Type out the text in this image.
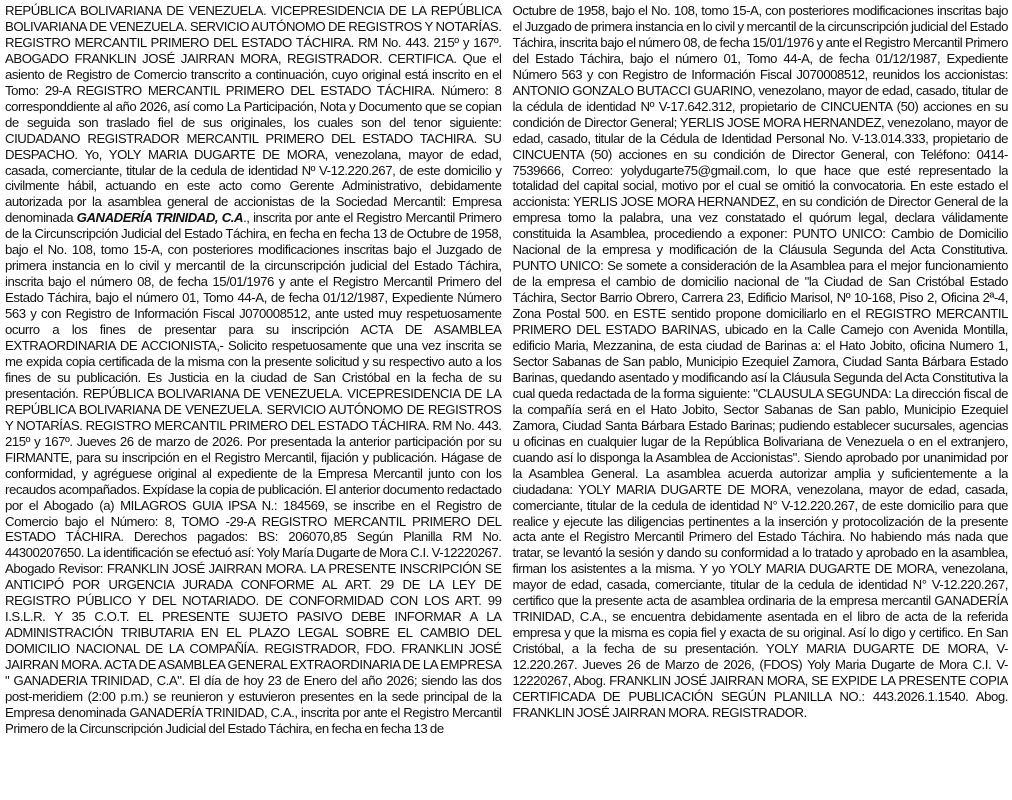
REPÚBLICA BOLIVARIANA DE VENEZUELA. VICEPRESIDENCIA DE LA REPÚBLICA BOLIVARIANA DE VENEZUELA. SERVICIO AUTÓNOMO DE REGISTROS Y NOTARÍAS. REGISTRO MERCANTIL PRIMERO DEL ESTADO TÁCHIRA. RM No. 443. 215º y 167º. ABOGADO FRANKLIN JOSÉ JAIRRAN MORA, REGISTRADOR. CERTIFICA. Que el asiento de Registro de Comercio transcrito a continuación, cuyo original está inscrito en el Tomo: 29-A REGISTRO MERCANTIL PRIMERO DEL ESTADO TÁCHIRA. Número: 8 corresponddiente al año 2026, así como La Participación, Nota y Documento que se copian de seguida son traslado fiel de sus originales, los cuales son del tenor siguiente: CIUDADANO REGISTRADOR MERCANTIL PRIMERO DEL ESTADO TACHIRA. SU DESPACHO. Yo, YOLY MARIA DUGARTE DE MORA, venezolana, mayor de edad, casada, comerciante, titular de la cedula de identidad Nº V-12.220.267, de este domicilio y civilmente hábil, actuando en este acto como Gerente Administrativo, debidamente autorizada por la asamblea general de accionistas de la Sociedad Mercantil: Empresa denominada GANADERÍA TRINIDAD, C.A., inscrita por ante el Registro Mercantil Primero de la Circunscripción Judicial del Estado Táchira, en fecha en fecha 13 de Octubre de 1958, bajo el No. 108, tomo 15-A, con posteriores modificaciones inscritas bajo el Juzgado de primera instancia en lo civil y mercantil de la circunscripción judicial del Estado Táchira, inscrita bajo el número 08, de fecha 15/01/1976 y ante el Registro Mercantil Primero del Estado Táchira, bajo el número 01, Tomo 44-A, de fecha 01/12/1987, Expediente Número 563 y con Registro de Información Fiscal J070008512, ante usted muy respetuosamente ocurro a los fines de presentar para su inscripción ACTA DE ASAMBLEA EXTRAORDINARIA DE ACCIONISTA,- Solicito respetuosamente que una vez inscrita se me expida copia certificada de la misma con la presente solicitud y su respectivo auto a los fines de su publicación. Es Justicia en la ciudad de San Cristóbal en la fecha de su presentación. REPÚBLICA BOLIVARIANA DE VENEZUELA. VICEPRESIDENCIA DE LA REPÚBLICA BOLIVARIANA DE VENEZUELA. SERVICIO AUTÓNOMO DE REGISTROS Y NOTARÍAS. REGISTRO MERCANTIL PRIMERO DEL ESTADO TÁCHIRA. RM No. 443. 215º y 167º. Jueves 26 de marzo de 2026. Por presentada la anterior participación por su FIRMANTE, para su inscripción en el Registro Mercantil, fijación y publicación. Hágase de conformidad, y agréguese original al expediente de la Empresa Mercantil junto con los recaudos acompañados. Expídase la copia de publicación. El anterior documento redactado por el Abogado (a) MILAGROS GUIA IPSA N.: 184569, se inscribe en el Registro de Comercio bajo el Número: 8, TOMO -29-A REGISTRO MERCANTIL PRIMERO DEL ESTADO TÁCHIRA. Derechos pagados: BS: 206070,85 Según Planilla RM No. 44300207650. La identificación se efectuó así: Yoly María Dugarte de Mora C.I. V-12220267. Abogado Revisor: FRANKLIN JOSÉ JAIRRAN MORA. LA PRESENTE INSCRIPCIÓN SE ANTICIPÓ POR URGENCIA JURADA CONFORME AL ART. 29 DE LA LEY DE REGISTRO PÚBLICO Y DEL NOTARIADO. DE CONFORMIDAD CON LOS ART. 99 I.S.L.R. Y 35 C.O.T. EL PRESENTE SUJETO PASIVO DEBE INFORMAR A LA ADMINISTRACIÓN TRIBUTARIA EN EL PLAZO LEGAL SOBRE EL CAMBIO DEL DOMICILIO NACIONAL DE LA COMPAÑÍA. REGISTRADOR, FDO. FRANKLIN JOSÉ JAIRRAN MORA. ACTA DE ASAMBLEA GENERAL EXTRAORDINARIA DE LA EMPRESA " GANADERIA TRINIDAD, C.A". El día de hoy 23 de Enero del año 2026; siendo las dos post-meridiem (2:00 p.m.) se reunieron y estuvieron presentes en la sede principal de la Empresa denominada GANADERÍA TRINIDAD, C.A., inscrita por ante el Registro Mercantil Primero de la Circunscripción Judicial del Estado Táchira, en fecha en fecha 13 de

Octubre de 1958, bajo el No. 108, tomo 15-A, con posteriores modificaciones inscritas bajo el Juzgado de primera instancia en lo civil y mercantil de la circunscripción judicial del Estado Táchira, inscrita bajo el número 08, de fecha 15/01/1976 y ante el Registro Mercantil Primero del Estado Táchira, bajo el número 01, Tomo 44-A, de fecha 01/12/1987, Expediente Número 563 y con Registro de Información Fiscal J070008512, reunidos los accionistas: ANTONIO GONZALO BUTACCI GUARINO, venezolano, mayor de edad, casado, titular de la cédula de identidad Nº V-17.642.312, propietario de CINCUENTA (50) acciones en su condición de Director General; YERLIS JOSE MORA HERNANDEZ, venezolano, mayor de edad, casado, titular de la Cédula de Identidad Personal No. V-13.014.333, propietario de CINCUENTA (50) acciones en su condición de Director General, con Teléfono: 0414-7539666, Correo: yolydugarte75@gmail.com, lo que hace que esté representado la totalidad del capital social, motivo por el cual se omitió la convocatoria. En este estado el accionista: YERLIS JOSE MORA HERNANDEZ, en su condición de Director General de la empresa tomo la palabra, una vez constatado el quórum legal, declara válidamente constituida la Asamblea, procediendo a exponer: PUNTO UNICO: Cambio de Domicilio Nacional de la empresa y modificación de la Cláusula Segunda del Acta Constitutiva. PUNTO UNICO: Se somete a consideración de la Asamblea para el mejor funcionamiento de la empresa el cambio de domicilio nacional de "la Ciudad de San Cristóbal Estado Táchira, Sector Barrio Obrero, Carrera 23, Edificio Marisol, Nº 10-168, Piso 2, Oficina 2ª-4, Zona Postal 500. en ESTE sentido propone domiciliarlo en el REGISTRO MERCANTIL PRIMERO DEL ESTADO BARINAS, ubicado en la Calle Camejo con Avenida Montilla, edificio Maria, Mezzanina, de esta ciudad de Barinas a: el Hato Jobito, oficina Numero 1, Sector Sabanas de San pablo, Municipio Ezequiel Zamora, Ciudad Santa Bárbara Estado Barinas, quedando asentado y modificando así la Cláusula Segunda del Acta Constitutiva la cual queda redactada de la forma siguiente: "CLAUSULA SEGUNDA: La dirección fiscal de la compañía será en el Hato Jobito, Sector Sabanas de San pablo, Municipio Ezequiel Zamora, Ciudad Santa Bárbara Estado Barinas; pudiendo establecer sucursales, agencias u oficinas en cualquier lugar de la República Bolivariana de Venezuela o en el extranjero, cuando así lo disponga la Asamblea de Accionistas". Siendo aprobado por unanimidad por la Asamblea General. La asamblea acuerda autorizar amplia y suficientemente a la ciudadana: YOLY MARIA DUGARTE DE MORA, venezolana, mayor de edad, casada, comerciante, titular de la cedula de identidad N° V-12.220.267, de este domicilio para que realice y ejecute las diligencias pertinentes a la inserción y protocolización de la presente acta ante el Registro Mercantil Primero del Estado Táchira. No habiendo más nada que tratar, se levantó la sesión y dando su conformidad a lo tratado y aprobado en la asamblea, firman los asistentes a la misma. Y yo YOLY MARIA DUGARTE DE MORA, venezolana, mayor de edad, casada, comerciante, titular de la cedula de identidad N° V-12.220.267, certifico que la presente acta de asamblea ordinaria de la empresa mercantil GANADERÍA TRINIDAD, C.A., se encuentra debidamente asentada en el libro de acta de la referida empresa y que la misma es copia fiel y exacta de su original. Así lo digo y certifico. En San Cristóbal, a la fecha de su presentación. YOLY MARIA DUGARTE DE MORA, V-12.220.267. Jueves 26 de Marzo de 2026, (FDOS) Yoly Maria Dugarte de Mora C.I. V-12220267, Abog. FRANKLIN JOSÉ JAIRRAN MORA, SE EXPIDE LA PRESENTE COPIA CERTIFICADA DE PUBLICACIÓN SEGÚN PLANILLA NO.: 443.2026.1.1540. Abog. FRANKLIN JOSÉ JAIRRAN MORA. REGISTRADOR.
